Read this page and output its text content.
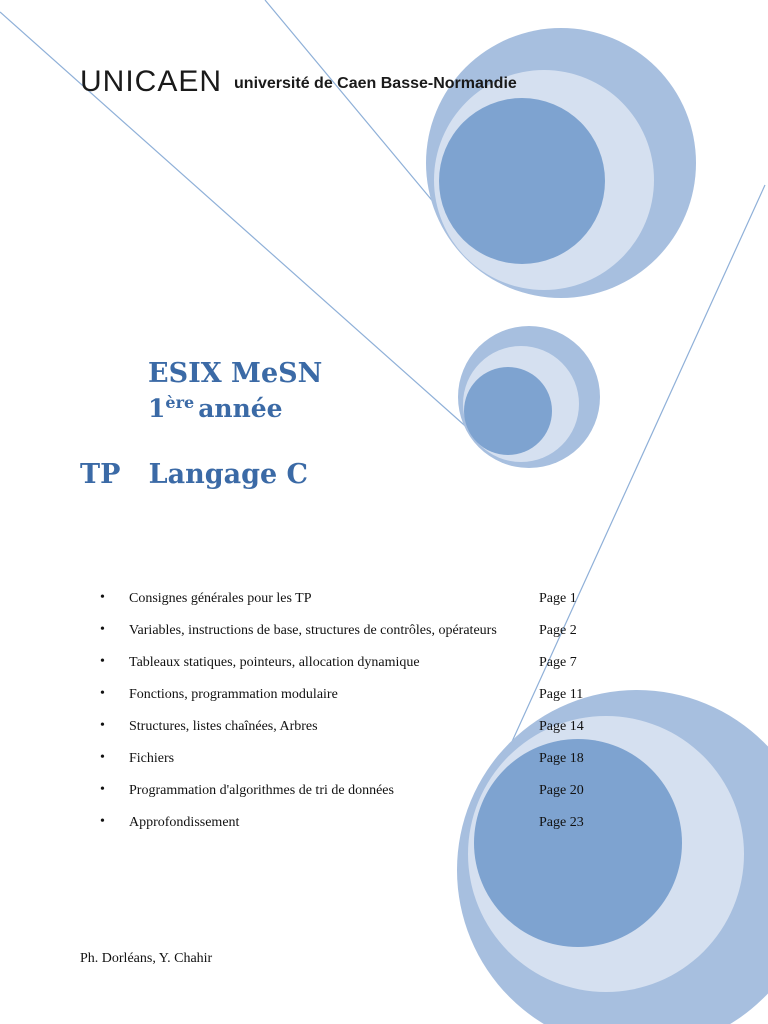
UNICAEN université de Caen Basse-Normandie
ESIX MeSN
1ère année
TP   Langage C
• Consignes générales pour les TP	Page 1
• Variables, instructions de base, structures de contrôles, opérateurs	Page 2
• Tableaux statiques, pointeurs, allocation dynamique	Page 7
• Fonctions, programmation modulaire	Page 11
• Structures, listes chaînées, Arbres	Page 14
• Fichiers	Page 18
• Programmation d'algorithmes de tri de données	Page 20
• Approfondissement	Page 23
Ph. Dorléans, Y. Chahir
